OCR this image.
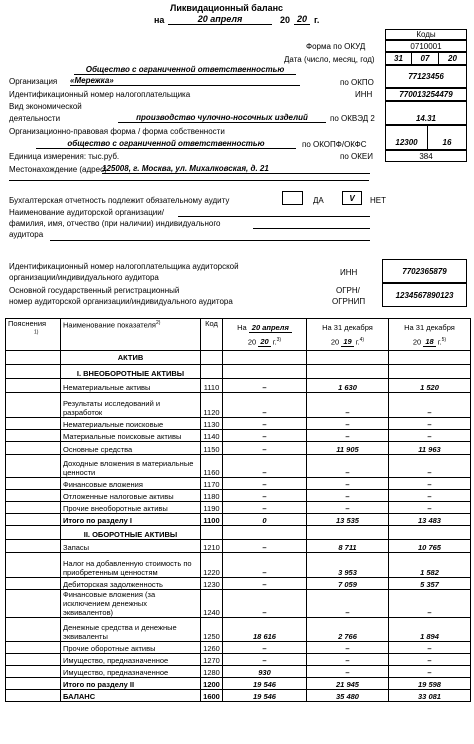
Ликвидационный баланс
на	20 апреля	20 20 г.
Коды
Форма по ОКУД	0710001
Дата (число, месяц, год)	31	07	20
Общество с ограниченной ответственностью
Организация «Мережка»	по ОКПО
77123456
Идентификационный номер налогоплательщика	ИНН	770013254479
Вид экономической
деятельности	производство чулочно-носочных изделий	по ОКВЭД 2	14.31
Организационно-правовая форма / форма собственности
общество с ограниченной ответственностью	по ОКОПФ/ОКФС	12300	16
Единица измерения: тыс.руб.	по ОКЕИ	384
Местонахождение (адрес)
125008, г. Москва, ул. Михалковская, д. 21
Бухгалтерская отчетность подлежит обязательному аудиту	ДА	V	НЕТ
Наименование аудиторской организации/
фамилия, имя, отчество (при наличии) индивидуального
аудитора
Идентификационный номер налогоплательщика аудиторской
организации/индивидуального аудитора
ИНН	7702365879
Основной государственный регистрационный
номер аудиторской организации/индивидуального аудитора
ОГРН/
ОГРНИП
1234567890123
Пояснения
$^{1)}$	Наименование показателя$^{2)}$	Код	На 20 апреля
20 20 г.$^{3)}$	На 31 декабря
20 19 г.$^{4)}$	На 31 декабря
20 18 г.$^{5)}$
	АКТИВ				
	I. ВНЕОБОРОТНЫЕ АКТИВЫ				
	Нематериальные активы	1110	–	1 630	1 520
	Результаты исследований и разработок	1120	–	–	–
	Нематериальные поисковые	1130	–	–	–
	Материальные поисковые активы	1140	–	–	–
	Основные средства	1150	–	11 905	11 963
	Доходные вложения в материальные ценности	1160	–	–	–
	Финансовые вложения	1170	–	–	–
	Отложенные налоговые активы	1180	–	–	–
	Прочие внеоборотные активы	1190	–	–	–
	Итого по разделу I	1100	0	13 535	13 483
	II. ОБОРОТНЫЕ АКТИВЫ				
	Запасы	1210	–	8 711	10 765
	Налог на добавленную стоимость по приобретенным ценностям	1220	–	3 953	1 582
	Дебиторская задолженность	1230	–	7 059	5 357
	Финансовые вложения (за исключением денежных эквивалентов)	1240	–	–	–
	Денежные средства и денежные эквиваленты	1250	18 616	2 766	1 894
	Прочие оборотные активы	1260	–	–	–
	Имущество, предназначенное	1270	–	–	–
	Имущество, предназначенное	1280	930	–	–
	Итого по разделу II	1200	19 546	21 945	19 598
	БАЛАНС	1600	19 546	35 480	33 081
